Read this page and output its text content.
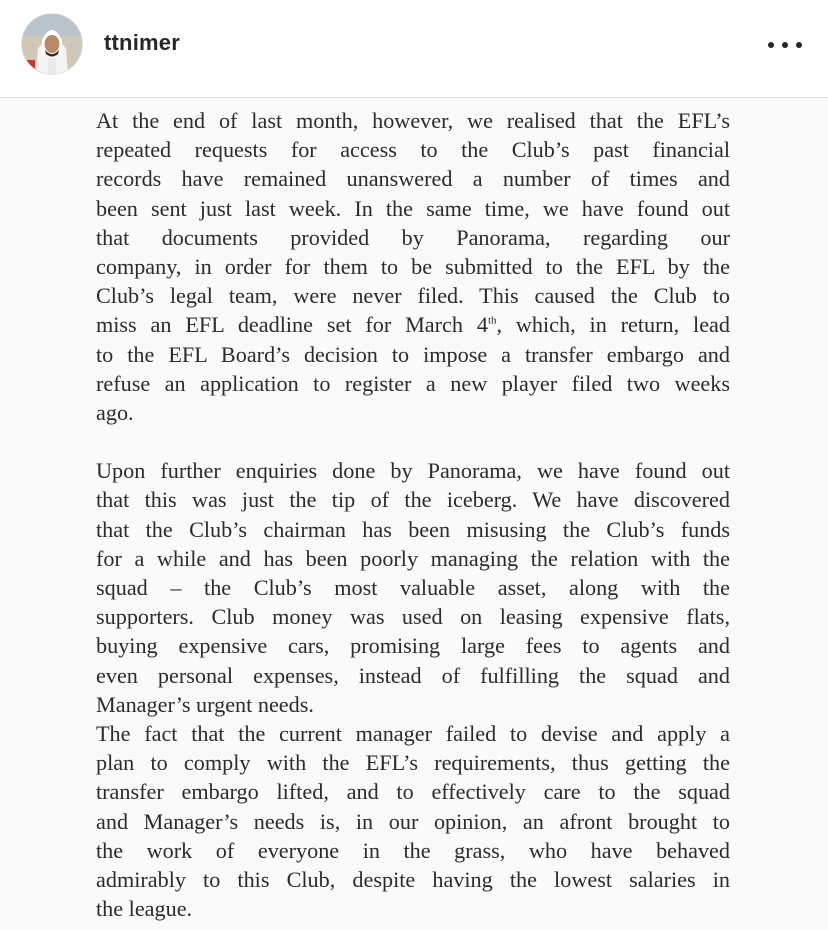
ttnimer

At the end of last month, however, we realised that the EFL’s
repeated requests for access to the Club’s past financial
records have remained unanswered a number of times and
been sent just last week. In the same time, we have found out
that documents provided by Panorama, regarding our
company, in order for them to be submitted to the EFL by the
Club’s legal team, were never filed. This caused the Club to
miss an EFL deadline set for March 4th, which, in return, lead
to the EFL Board’s decision to impose a transfer embargo and
refuse an application to register a new player filed two weeks
ago.

Upon further enquiries done by Panorama, we have found out
that this was just the tip of the iceberg. We have discovered
that the Club’s chairman has been misusing the Club’s funds
for a while and has been poorly managing the relation with the
squad – the Club’s most valuable asset, along with the
supporters. Club money was used on leasing expensive flats,
buying expensive cars, promising large fees to agents and
even personal expenses, instead of fulfilling the squad and
Manager’s urgent needs.

The fact that the current manager failed to devise and apply a
plan to comply with the EFL’s requirements, thus getting the
transfer embargo lifted, and to effectively care to the squad
and Manager’s needs is, in our opinion, an afront brought to
the work of everyone in the grass, who have behaved
admirably to this Club, despite having the lowest salaries in
the league.
